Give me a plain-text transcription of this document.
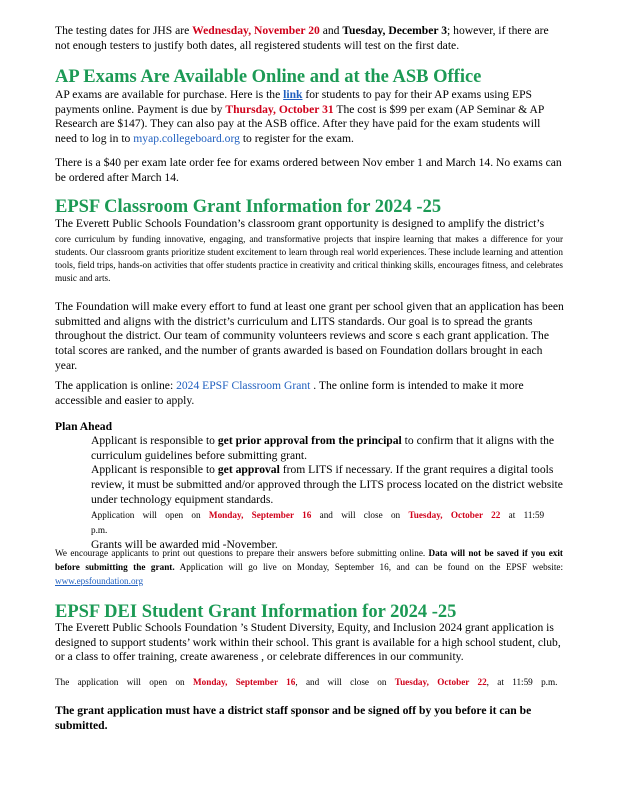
The testing dates for JHS are Wednesday, November 20 and Tuesday, December 3; however, if there are not enough testers to justify both dates, all registered students will test on the first date.

AP Exams Are Available Online and at the ASB Office

AP exams are available for purchase. Here is the link for students to pay for their AP exams using EPS payments online. Payment is due by Thursday, October 31 The cost is $99 per exam (AP Seminar & AP Research are $147). They can also pay at the ASB office. After they have paid for the exam students will need to log in to myap.collegeboard.org to register for the exam.

There is a $40 per exam late order fee for exams ordered between Nov ember 1 and March 14. No exams can be ordered after March 14.

EPSF Classroom Grant Information for 2024 -25

The Everett Public Schools Foundation’s classroom grant opportunity is designed to amplify the district’s

core curriculum by funding innovative, engaging, and transformative projects that inspire learning that makes a difference for your students. Our classroom grants prioritize student excitement to learn through real world experiences. These include learning and attention tools, field trips, hands-on activities that offer students practice in creativity and critical thinking skills, encourages fitness, and celebrates music and arts.

The Foundation will make every effort to fund at least one grant per school given that an application has been submitted and aligns with the district’s curriculum and LITS standards. Our goal is to spread the grants throughout the district. Our team of community volunteers reviews and score s each grant application. The total scores are ranked, and the number of grants awarded is based on Foundation dollars brought in each year.

The application is online: 2024 EPSF Classroom Grant . The online form is intended to make it more accessible and easier to apply.

Plan Ahead

Applicant is responsible to get prior approval from the principal to confirm that it aligns with the curriculum guidelines before submitting grant.
Applicant is responsible to get approval from LITS if necessary. If the grant requires a digital tools review, it must be submitted and/or approved through the LITS process located on the district website under technology equipment standards.
Application will open on Monday, September 16 and will close on Tuesday, October 22 at 11:59 p.m.
Grants will be awarded mid -November.

We encourage applicants to print out questions to prepare their answers before submitting online. Data will not be saved if you exit before submitting the grant. Application will go live on Monday, September 16, and can be found on the EPSF website: www.epsfoundation.org

EPSF DEI Student Grant Information for 2024 -25

The Everett Public Schools Foundation ’s Student Diversity, Equity, and Inclusion 2024 grant application is designed to support students’ work within their school. This grant is available for a high school student, club, or a class to offer training, create awareness , or celebrate differences in our community.

The application will open on Monday, September 16, and will close on Tuesday, October 22, at 11:59 p.m.

The grant application must have a district staff sponsor and be signed off by you before it can be submitted.
